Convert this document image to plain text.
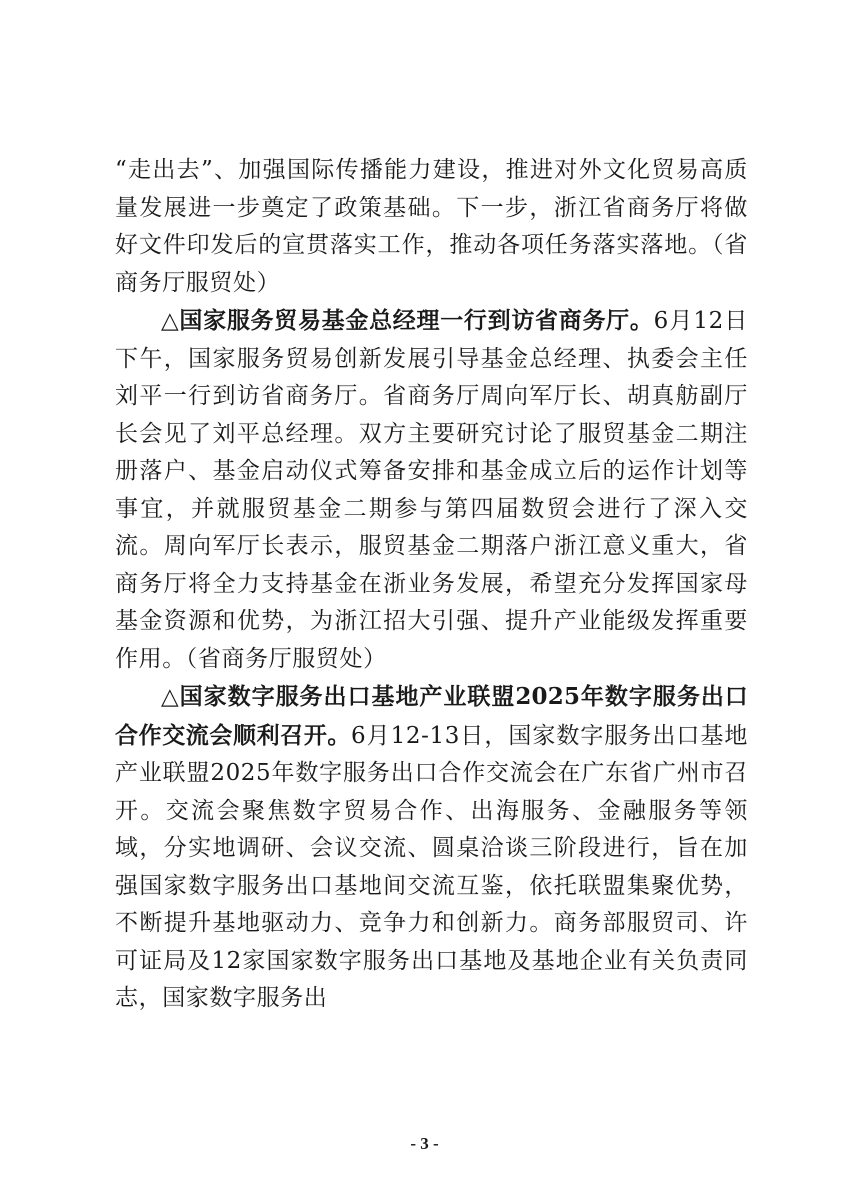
“走出去”、加强国际传播能力建设，推进对外文化贸易高质量发展进一步奠定了政策基础。下一步，浙江省商务厅将做好文件印发后的宣贯落实工作，推动各项任务落实落地。（省商务厅服贸处）

△国家服务贸易基金总经理一行到访省商务厅。6月12日下午，国家服务贸易创新发展引导基金总经理、执委会主任刘平一行到访省商务厅。省商务厅周向军厅长、胡真舫副厅长会见了刘平总经理。双方主要研究讨论了服贸基金二期注册落户、基金启动仪式筹备安排和基金成立后的运作计划等事宜，并就服贸基金二期参与第四届数贸会进行了深入交流。周向军厅长表示，服贸基金二期落户浙江意义重大，省商务厅将全力支持基金在浙业务发展，希望充分发挥国家母基金资源和优势，为浙江招大引强、提升产业能级发挥重要作用。（省商务厅服贸处）

△国家数字服务出口基地产业联盟2025年数字服务出口合作交流会顺利召开。6月12-13日，国家数字服务出口基地产业联盟2025年数字服务出口合作交流会在广东省广州市召开。交流会聚焦数字贸易合作、出海服务、金融服务等领域，分实地调研、会议交流、圆桌洽谈三阶段进行，旨在加强国家数字服务出口基地间交流互鉴，依托联盟集聚优势，不断提升基地驱动力、竞争力和创新力。商务部服贸司、许可证局及12家国家数字服务出口基地及基地企业有关负责同志，国家数字服务出

- 3 -
